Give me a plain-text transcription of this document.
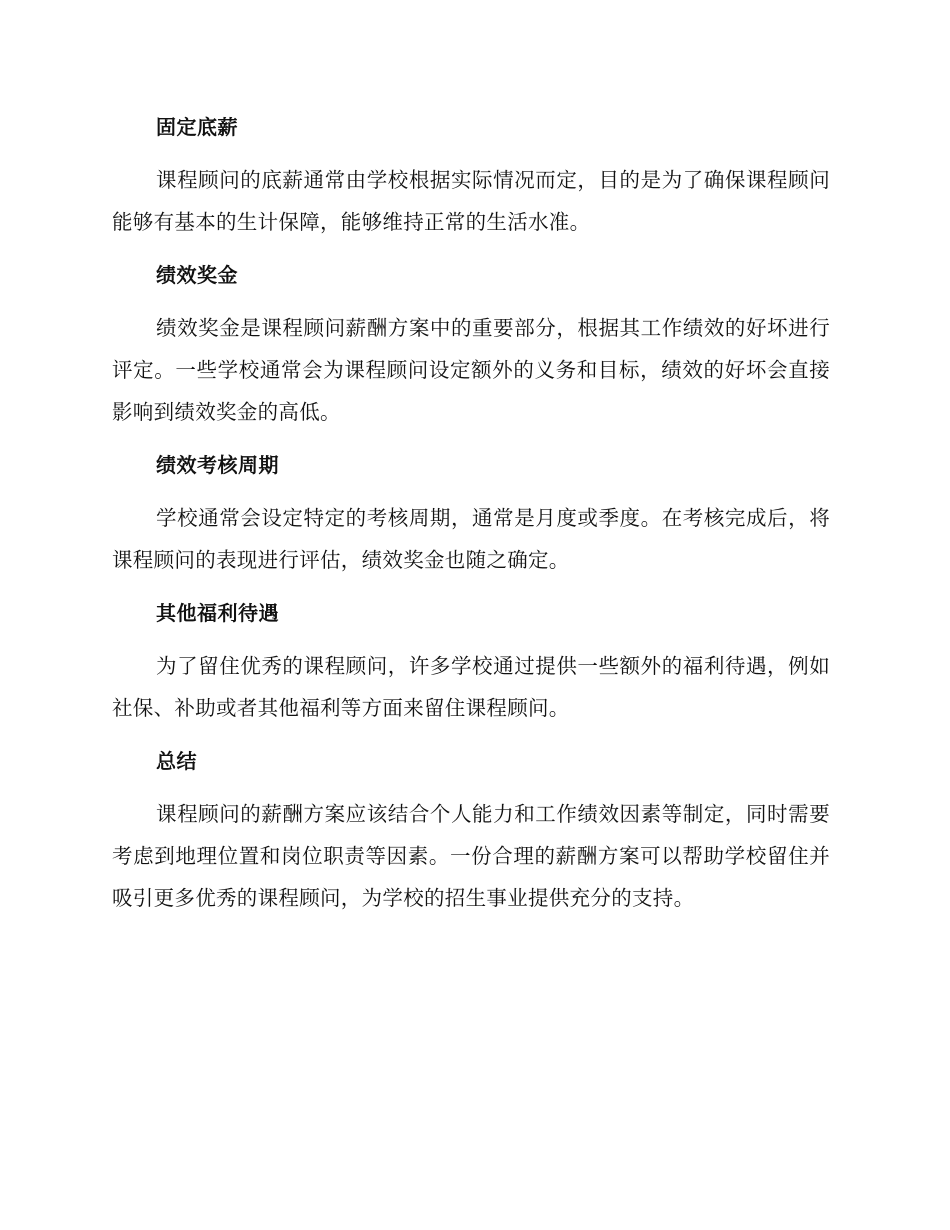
固定底薪

课程顾问的底薪通常由学校根据实际情况而定，目的是为了确保课程顾问能够有基本的生计保障，能够维持正常的生活水准。

绩效奖金

绩效奖金是课程顾问薪酬方案中的重要部分，根据其工作绩效的好坏进行评定。一些学校通常会为课程顾问设定额外的义务和目标，绩效的好坏会直接影响到绩效奖金的高低。

绩效考核周期

学校通常会设定特定的考核周期，通常是月度或季度。在考核完成后，将课程顾问的表现进行评估，绩效奖金也随之确定。

其他福利待遇

为了留住优秀的课程顾问，许多学校通过提供一些额外的福利待遇，例如社保、补助或者其他福利等方面来留住课程顾问。

总结

课程顾问的薪酬方案应该结合个人能力和工作绩效因素等制定，同时需要考虑到地理位置和岗位职责等因素。一份合理的薪酬方案可以帮助学校留住并吸引更多优秀的课程顾问，为学校的招生事业提供充分的支持。
